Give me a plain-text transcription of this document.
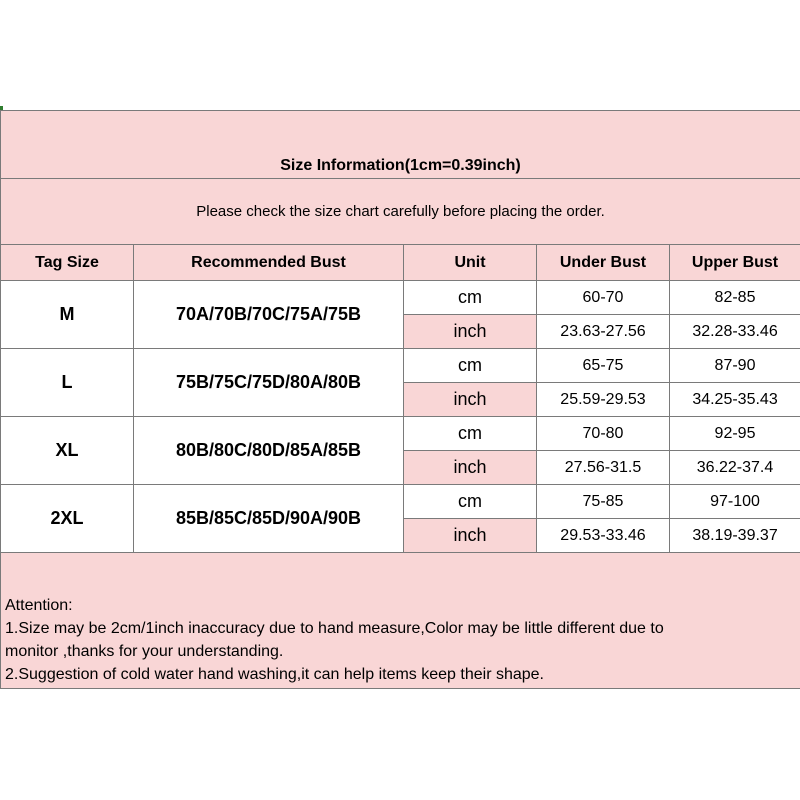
Size Information(1cm=0.39inch)				
Please check the size chart carefully before placing the order.				
Tag Size	Recommended Bust	Unit	Under Bust	Upper Bust
M	70A/70B/70C/75A/75B	cm	60-70	82-85
		inch	23.63-27.56	32.28-33.46
L	75B/75C/75D/80A/80B	cm	65-75	87-90
		inch	25.59-29.53	34.25-35.43
XL	80B/80C/80D/85A/85B	cm	70-80	92-95
		inch	27.56-31.5	36.22-37.4
2XL	85B/85C/85D/90A/90B	cm	75-85	97-100
		inch	29.53-33.46	38.19-39.37

Attention:
1.Size may be 2cm/1inch inaccuracy due to hand measure,Color may be little different due to
monitor ,thanks for your understanding.
2.Suggestion of cold water hand washing,it can help items keep their shape.				
